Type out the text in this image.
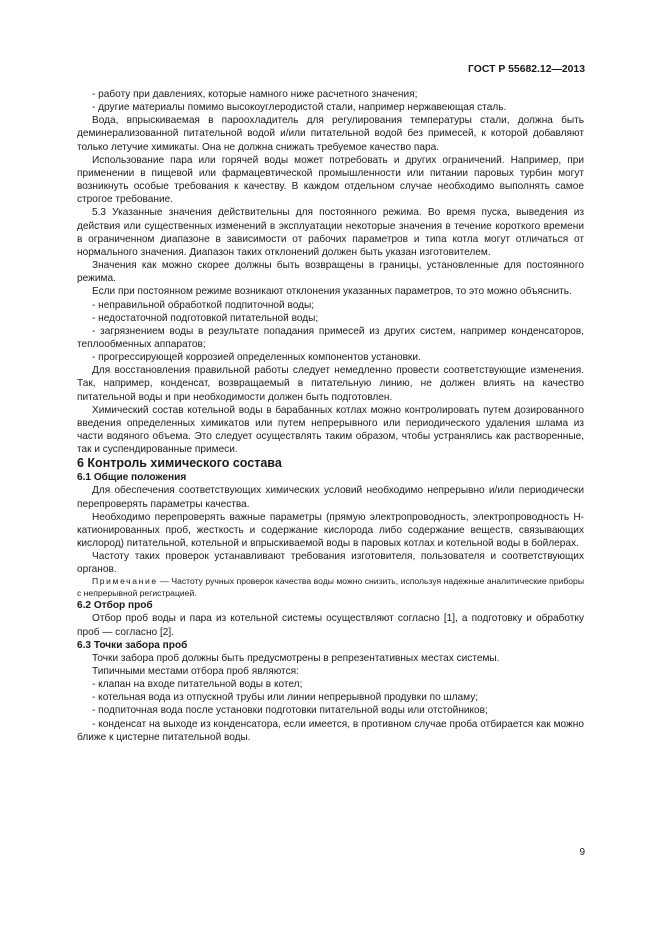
ГОСТ Р 55682.12—2013

- работу при давлениях, которые намного ниже расчетного значения;

- другие материалы помимо высокоуглеродистой стали, например нержавеющая сталь.

Вода, впрыскиваемая в пароохладитель для регулирования температуры стали, должна быть деминерализованной питательной водой и/или питательной водой без примесей, к которой добавляют только летучие химикаты. Она не должна снижать требуемое качество пара.

Использование пара или горячей воды может потребовать и других ограничений. Например, при применении в пищевой или фармацевтической промышленности или питании паровых турбин могут возникнуть особые требования к качеству. В каждом отдельном случае необходимо выполнять самое строгое требование.

5.3 Указанные значения действительны для постоянного режима. Во время пуска, выведения из действия или существенных изменений в эксплуатации некоторые значения в течение короткого времени в ограниченном диапазоне в зависимости от рабочих параметров и типа котла могут отличаться от нормального значения. Диапазон таких отклонений должен быть указан изготовителем.

Значения как можно скорее должны быть возвращены в границы, установленные для постоянного режима.

Если при постоянном режиме возникают отклонения указанных параметров, то это можно объяснить.

- неправильной обработкой подпиточной воды;

- недостаточной подготовкой питательной воды;

- загрязнением воды в результате попадания примесей из других систем, например конденсаторов, теплообменных аппаратов;

- прогрессирующей коррозией определенных компонентов установки.

Для восстановления правильной работы следует немедленно провести соответствующие изменения. Так, например, конденсат, возвращаемый в питательную линию, не должен влиять на качество питательной воды и при необходимости должен быть подготовлен.

Химический состав котельной воды в барабанных котлах можно контролировать путем дозированного введения определенных химикатов или путем непрерывного или периодического удаления шлама из части водяного объема. Это следует осуществлять таким образом, чтобы устранялись как растворенные, так и суспендированные примеси.

6 Контроль химического состава

6.1 Общие положения

Для обеспечения соответствующих химических условий необходимо непрерывно и/или периодически перепроверять параметры качества.

Необходимо перепроверять важные параметры (прямую электропроводность, электропроводность Н-катионированных проб, жесткость и содержание кислорода либо содержание веществ, связывающих кислород) питательной, котельной и впрыскиваемой воды в паровых котлах и котельной воды в бойлерах.

Частоту таких проверок устанавливают требования изготовителя, пользователя и соответствующих органов.

Примечание — Частоту ручных проверок качества воды можно снизить, используя надежные аналитические приборы с непрерывной регистрацией.

6.2 Отбор проб

Отбор проб воды и пара из котельной системы осуществляют согласно [1], а подготовку и обработку проб — согласно [2].

6.3 Точки забора проб

Точки забора проб должны быть предусмотрены в репрезентативных местах системы.

Типичными местами отбора проб являются:

- клапан на входе питательной воды в котел;

- котельная вода из отпускной трубы или линии непрерывной продувки по шламу;

- подпиточная вода после установки подготовки питательной воды или отстойников;

- конденсат на выходе из конденсатора, если имеется, в противном случае проба отбирается как можно ближе к цистерне питательной воды.

9
